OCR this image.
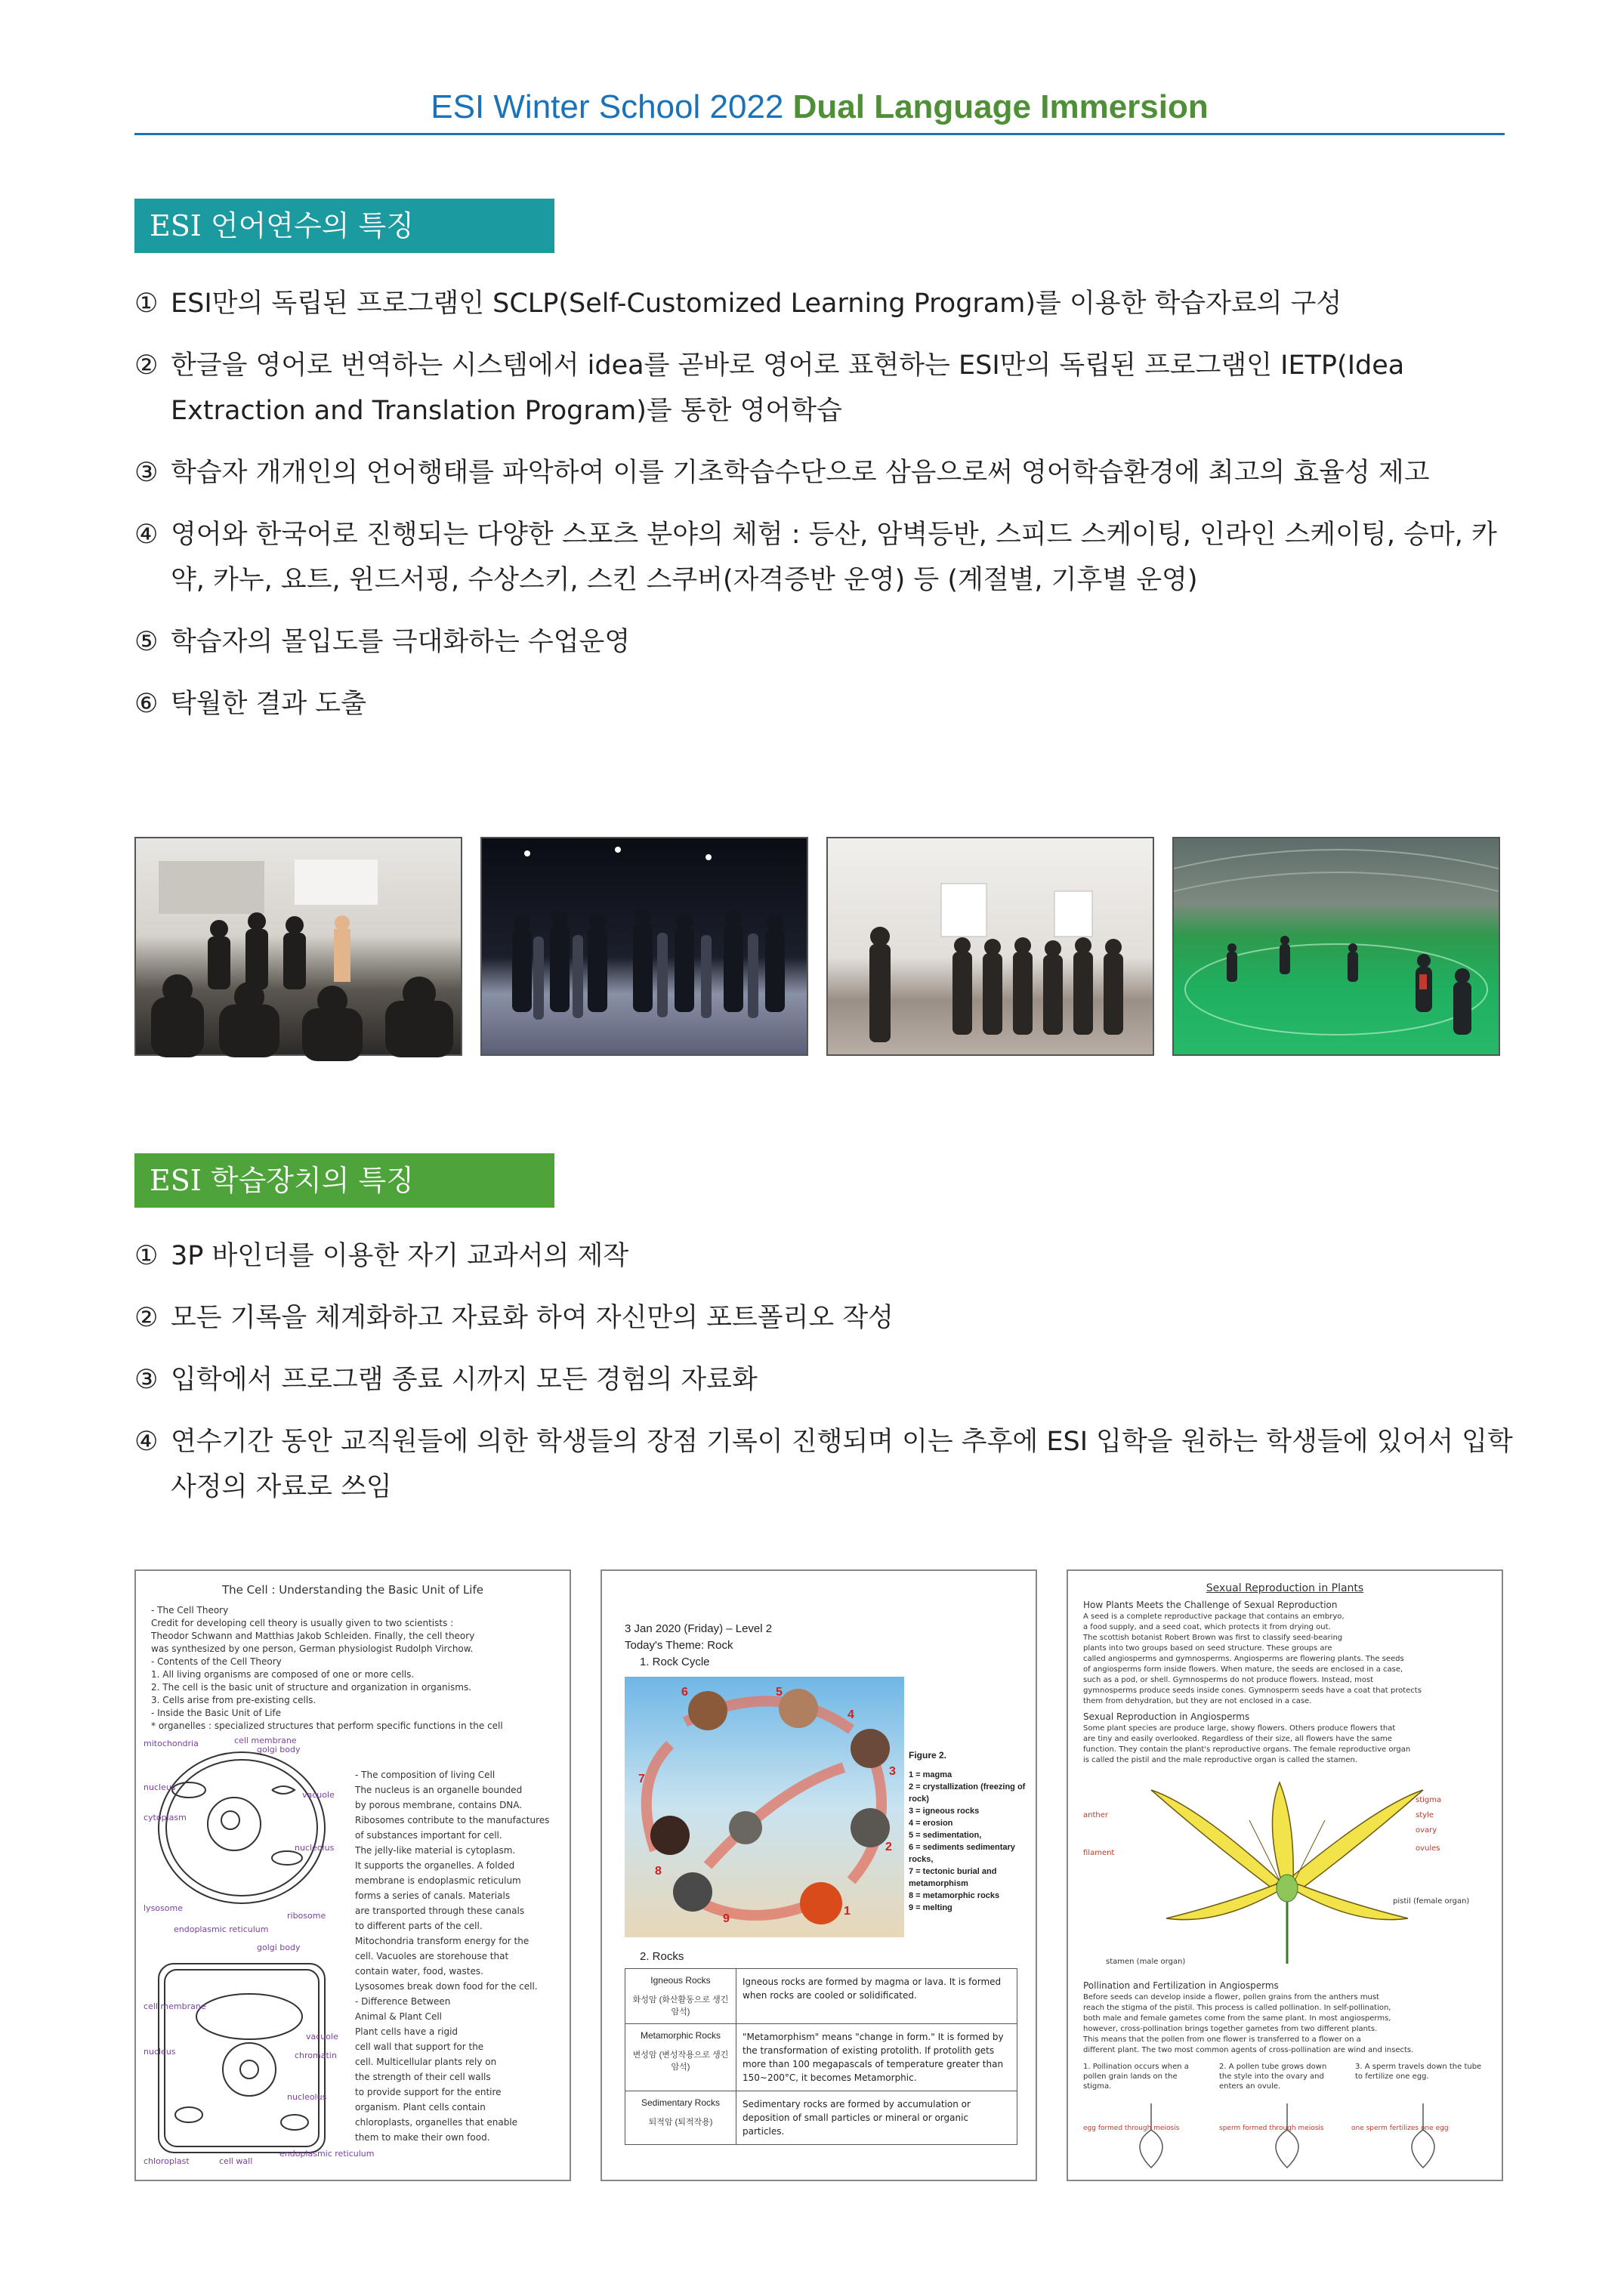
ESI Winter School 2022 Dual Language Immersion
ESI 언어연수의 특징
① ESI만의 독립된 프로그램인 SCLP(Self-Customized Learning Program)를 이용한 학습자료의 구성
② 한글을 영어로 번역하는 시스템에서 idea를 곧바로 영어로 표현하는 ESI만의 독립된 프로그램인 IETP(Idea Extraction and Translation Program)를 통한 영어학습
③ 학습자 개개인의 언어행태를 파악하여 이를 기초학습수단으로 삼음으로써 영어학습환경에 최고의 효율성 제고
④ 영어와 한국어로 진행되는 다양한 스포츠 분야의 체험 : 등산, 암벽등반, 스피드 스케이팅, 인라인 스케이팅, 승마, 카약, 카누, 요트, 윈드서핑, 수상스키, 스킨 스쿠버(자격증반 운영) 등 (계절별, 기후별 운영)
⑤ 학습자의 몰입도를 극대화하는 수업운영
⑥ 탁월한 결과 도출
ESI 학습장치의 특징
① 3P 바인더를 이용한 자기 교과서의 제작
② 모든 기록을 체계화하고 자료화 하여 자신만의 포트폴리오 작성
③ 입학에서 프로그램 종료 시까지 모든 경험의 자료화
④ 연수기간 동안 교직원들에 의한 학생들의 장점 기록이 진행되며 이는 추후에 ESI 입학을 원하는 학생들에 있어서 입학사정의 자료로 쓰임
The Cell : Understanding the Basic Unit of Life
- The Cell Theory
Credit for developing cell theory is usually given to two scientists :
Theodor Schwann and Matthias Jakob Schleiden. Finally, the cell theory
was synthesized by one person, German physiologist Rudolph Virchow.
- Contents of the Cell Theory
1. All living organisms are composed of one or more cells.
2. The cell is the basic unit of structure and organization in organisms.
3. Cells arise from pre-existing cells.
- Inside the Basic Unit of Life
* organelles : specialized structures that perform specific functions in the cell
mitochondria	cell membrane
golgi body
nucleus
vacuole
cytoplasm
nucleolus
lysosome
ribosome
endoplasmic reticulum
golgi body
vacuole
chromatin
cell membrane
nucleus
nucleolus
chloroplast	cell wall
endoplasmic reticulum
- The composition of living Cell
The nucleus is an organelle bounded
by porous membrane, contains DNA.
Ribosomes contribute to the manufactures
of substances important for cell.
The jelly-like material is cytoplasm.
It supports the organelles. A folded
membrane is endoplasmic reticulum
forms a series of canals. Materials
are transported through these canals
to different parts of the cell.
Mitochondria transform energy for the
cell. Vacuoles are storehouse that
contain water, food, wastes.
Lysosomes break down food for the cell.
- Difference Between
Animal & Plant Cell
Plant cells have a rigid
cell wall that support for the
cell. Multicellular plants rely on
the strength of their cell walls
to provide support for the entire
organism. Plant cells contain
chloroplasts, organelles that enable
them to make their own food.
3 Jan 2020 (Friday) – Level 2
Today's Theme: Rock
1. Rock Cycle
1
2
3
4
5
6
7
8
9
Figure 2.
1 = magma
2 = crystallization (freezing of rock)
3 = igneous rocks
4 = erosion
5 = sedimentation,
6 = sediments sedimentary rocks,
7 = tectonic burial and metamorphism
8 = metamorphic rocks
9 = melting
2. Rocks
Igneous Rocks
화성암 (화산활동으로 생긴 암석)	Igneous rocks are formed by magma or lava. It is formed when rocks are cooled or solidificated.

Metamorphic Rocks
변성암 (변성작용으로 생긴 암석)	"Metamorphism" means "change in form." It is formed by the transformation of existing protolith. If protolith gets more than 100 megapascals of temperature greater than 150~200°C, it becomes Metamorphic.

Sedimentary Rocks
퇴적암 (퇴적작용)	Sedimentary rocks are formed by accumulation or deposition of small particles or mineral or organic particles.
Sexual Reproduction in Plants
How Plants Meets the Challenge of Sexual Reproduction
A seed is a complete reproductive package that contains an embryo,
a food supply, and a seed coat, which protects it from drying out.
The scottish botanist Robert Brown was first to classify seed-bearing
plants into two groups based on seed structure. These groups are
called angiosperms and gymnosperms. Angiosperms are flowering plants. The seeds
of angiosperms form inside flowers. When mature, the seeds are enclosed in a case,
such as a pod, or shell. Gymnosperms do not produce flowers. Instead, most
gymnosperms produce seeds inside cones. Gymnosperm seeds have a coat that protects
them from dehydration, but they are not enclosed in a case.
Sexual Reproduction in Angiosperms
Some plant species are produce large, showy flowers. Others produce flowers that
are tiny and easily overlooked. Regardless of their size, all flowers have the same
function. They contain the plant's reproductive organs. The female reproductive organ
is called the pistil and the male reproductive organ is called the stamen.
stigma
style
ovary
ovules
anther
filament
pistil (female organ)
stamen (male organ)
Pollination and Fertilization in Angiosperms
Before seeds can develop inside a flower, pollen grains from the anthers must
reach the stigma of the pistil. This process is called pollination. In self-pollination,
both male and female gametes come from the same plant. In most angiosperms,
however, cross-pollination brings together gametes from two different plants.
This means that the pollen from one flower is transferred to a flower on a
different plant. The two most common agents of cross-pollination are wind and insects.
1. Pollination occurs when a pollen grain lands on the stigma.
2. A pollen tube grows down the style into the ovary and enters an ovule.
3. A sperm travels down the tube to fertilize one egg.
egg formed through meiosis	sperm formed through meiosis	one sperm fertilizes one egg
